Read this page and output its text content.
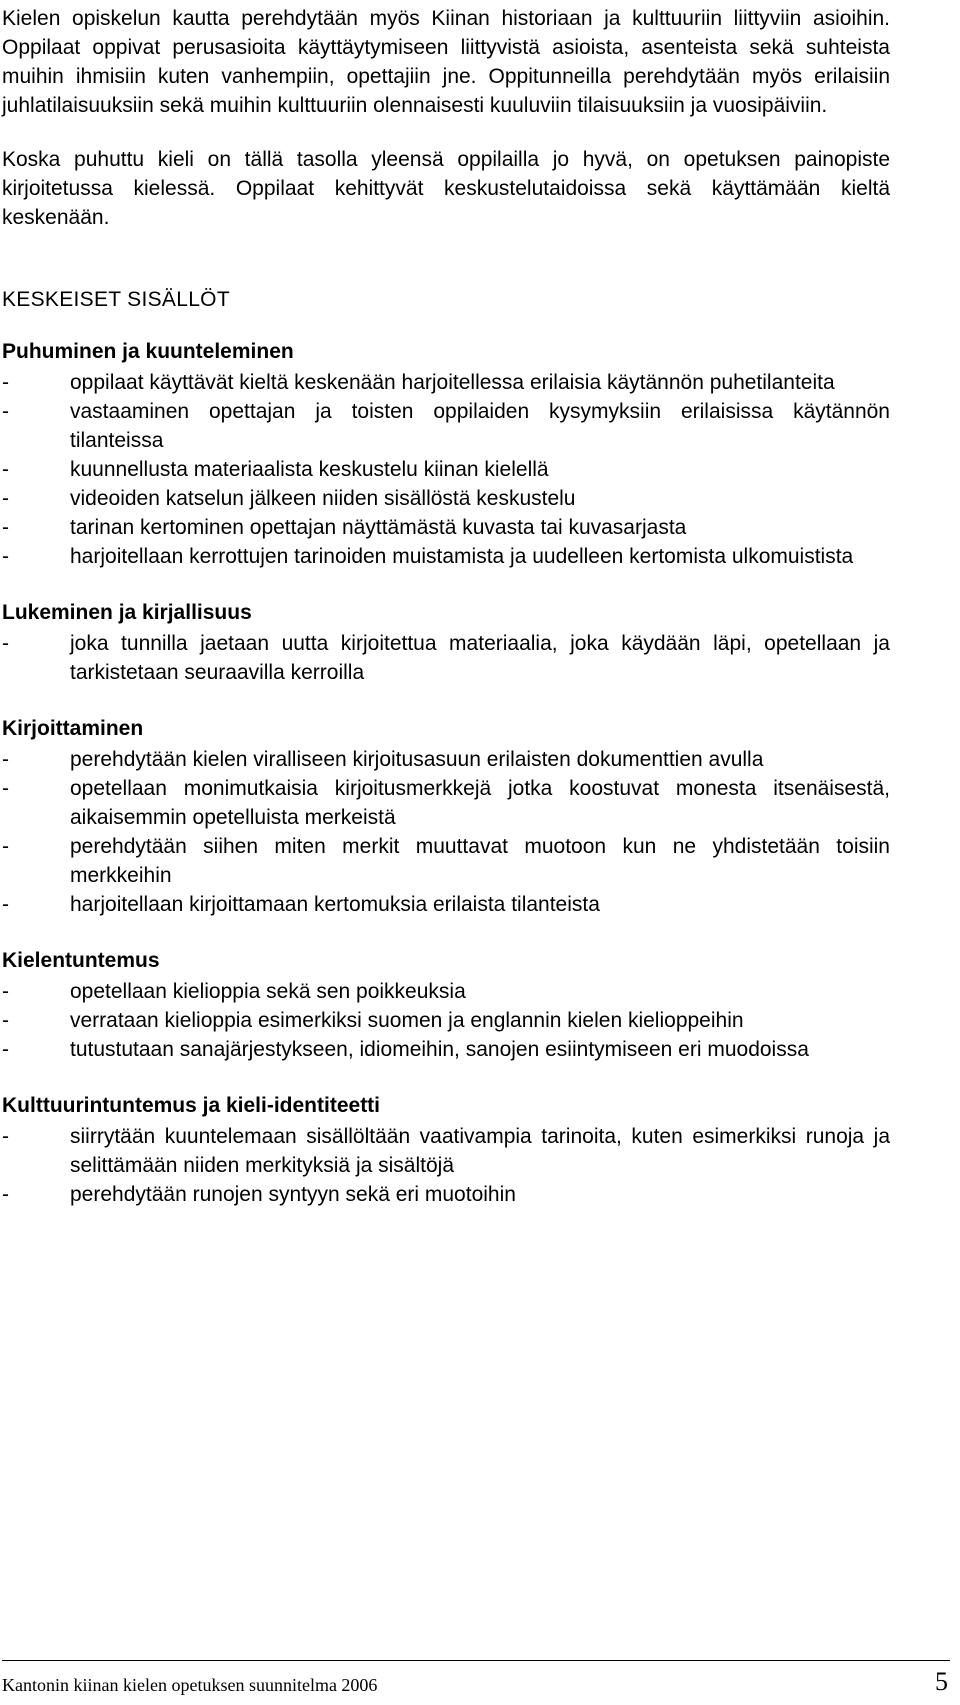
Kielen opiskelun kautta perehdytään myös Kiinan historiaan ja kulttuuriin liittyviin asioihin. Oppilaat oppivat perusasioita käyttäytymiseen liittyvistä asioista, asenteista sekä suhteista muihin ihmisiin kuten vanhempiin, opettajiin jne. Oppitunneilla perehdytään myös erilaisiin juhlatilaisuuksiin sekä muihin kulttuuriin olennaisesti kuuluviin tilaisuuksiin ja vuosipäiviin.

Koska puhuttu kieli on tällä tasolla yleensä oppilailla jo hyvä, on opetuksen painopiste kirjoitetussa kielessä. Oppilaat kehittyvät keskustelutaidoissa sekä käyttämään kieltä keskenään.

KESKEISET SISÄLLÖT
Puhuminen ja kuunteleminen
-	oppilaat käyttävät kieltä keskenään harjoitellessa erilaisia käytännön puhetilanteita
-	vastaaminen opettajan ja toisten oppilaiden kysymyksiin erilaisissa käytännön tilanteissa
-	kuunnellusta materiaalista keskustelu kiinan kielellä
-	videoiden katselun jälkeen niiden sisällöstä keskustelu
-	tarinan kertominen opettajan näyttämästä kuvasta tai kuvasarjasta
-	harjoitellaan kerrottujen tarinoiden muistamista ja uudelleen kertomista ulkomuistista
Lukeminen ja kirjallisuus
-	joka tunnilla jaetaan uutta kirjoitettua materiaalia, joka käydään läpi, opetellaan ja tarkistetaan seuraavilla kerroilla
Kirjoittaminen
-	perehdytään kielen viralliseen kirjoitusasuun erilaisten dokumenttien avulla
-	opetellaan monimutkaisia kirjoitusmerkkejä jotka koostuvat monesta itsenäisestä, aikaisemmin opetelluista merkeistä
-	perehdytään siihen miten merkit muuttavat muotoon kun ne yhdistetään toisiin merkkeihin
-	harjoitellaan kirjoittamaan kertomuksia erilaista tilanteista
Kielentuntemus
-	opetellaan kielioppia sekä sen poikkeuksia
-	verrataan kielioppia esimerkiksi suomen ja englannin kielen kielioppeihin
-	tutustutaan sanajärjestykseen, idiomeihin, sanojen esiintymiseen eri muodoissa
Kulttuurintuntemus ja kieli-identiteetti
-	siirrytään kuuntelemaan sisällöltään vaativampia tarinoita, kuten esimerkiksi runoja ja selittämään niiden merkityksiä ja sisältöjä
-	perehdytään runojen syntyyn sekä eri muotoihin
Kantonin kiinan kielen opetuksen suunnitelma 2006	5
